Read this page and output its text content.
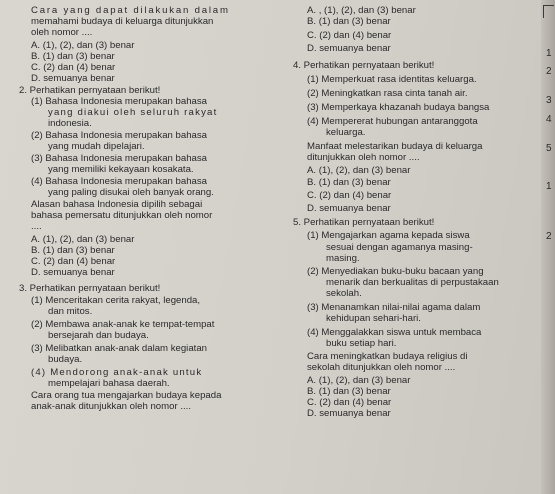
Cara yang dapat dilakukan dalam
memahami budaya di keluarga ditunjukkan
oleh nomor ....
A. (1), (2), dan (3) benar
B. (1) dan (3) benar
C. (2) dan (4) benar
D. semuanya benar
2. Perhatikan pernyataan berikut!
(1) Bahasa Indonesia merupakan bahasa
yang diakui oleh seluruh rakyat
indonesia.
(2) Bahasa Indonesia merupakan bahasa
yang mudah dipelajari.
(3) Bahasa Indonesia merupakan bahasa
yang memiliki kekayaan kosakata.
(4) Bahasa Indonesia merupakan bahasa
yang paling disukai oleh banyak orang.
Alasan bahasa Indonesia dipilih sebagai
bahasa pemersatu ditunjukkan oleh nomor
....
A. (1), (2), dan (3) benar
B. (1) dan (3) benar
C. (2) dan (4) benar
D. semuanya benar
3. Perhatikan pernyataan berikut!
(1) Menceritakan cerita rakyat, legenda,
dan mitos.
(2) Membawa anak-anak ke tempat-tempat
bersejarah dan budaya.
(3) Melibatkan anak-anak dalam kegiatan
budaya.
(4) Mendorong anak-anak untuk
mempelajari bahasa daerah.
Cara orang tua mengajarkan budaya kepada
anak-anak ditunjukkan oleh nomor ....
A. , (1), (2), dan (3) benar
B. (1) dan (3) benar
C. (2) dan (4) benar
D. semuanya benar
4. Perhatikan pernyataan berikut!
(1) Memperkuat rasa identitas keluarga.
(2) Meningkatkan rasa cinta tanah air.
(3) Memperkaya khazanah budaya bangsa
(4) Mempererat hubungan antaranggota
keluarga.
Manfaat melestarikan budaya di keluarga
ditunjukkan oleh nomor ....
A. (1), (2), dan (3) benar
B. (1) dan (3) benar
C. (2) dan (4) benar
D. semuanya benar
5. Perhatikan pernyataan berikut!
(1) Mengajarkan agama kepada siswa
sesuai dengan agamanya masing-
masing.
(2) Menyediakan buku-buku bacaan yang
menarik dan berkualitas di perpustakaan
sekolah.
(3) Menanamkan nilai-nilai agama dalam
kehidupan sehari-hari.
(4) Menggalakkan siswa untuk membaca
buku setiap hari.
Cara meningkatkan budaya religius di
sekolah ditunjukkan oleh nomor ....
A. (1), (2), dan (3) benar
B. (1) dan (3) benar
C. (2) dan (4) benar
D. semuanya benar
1
2
3
4
5
1
2
